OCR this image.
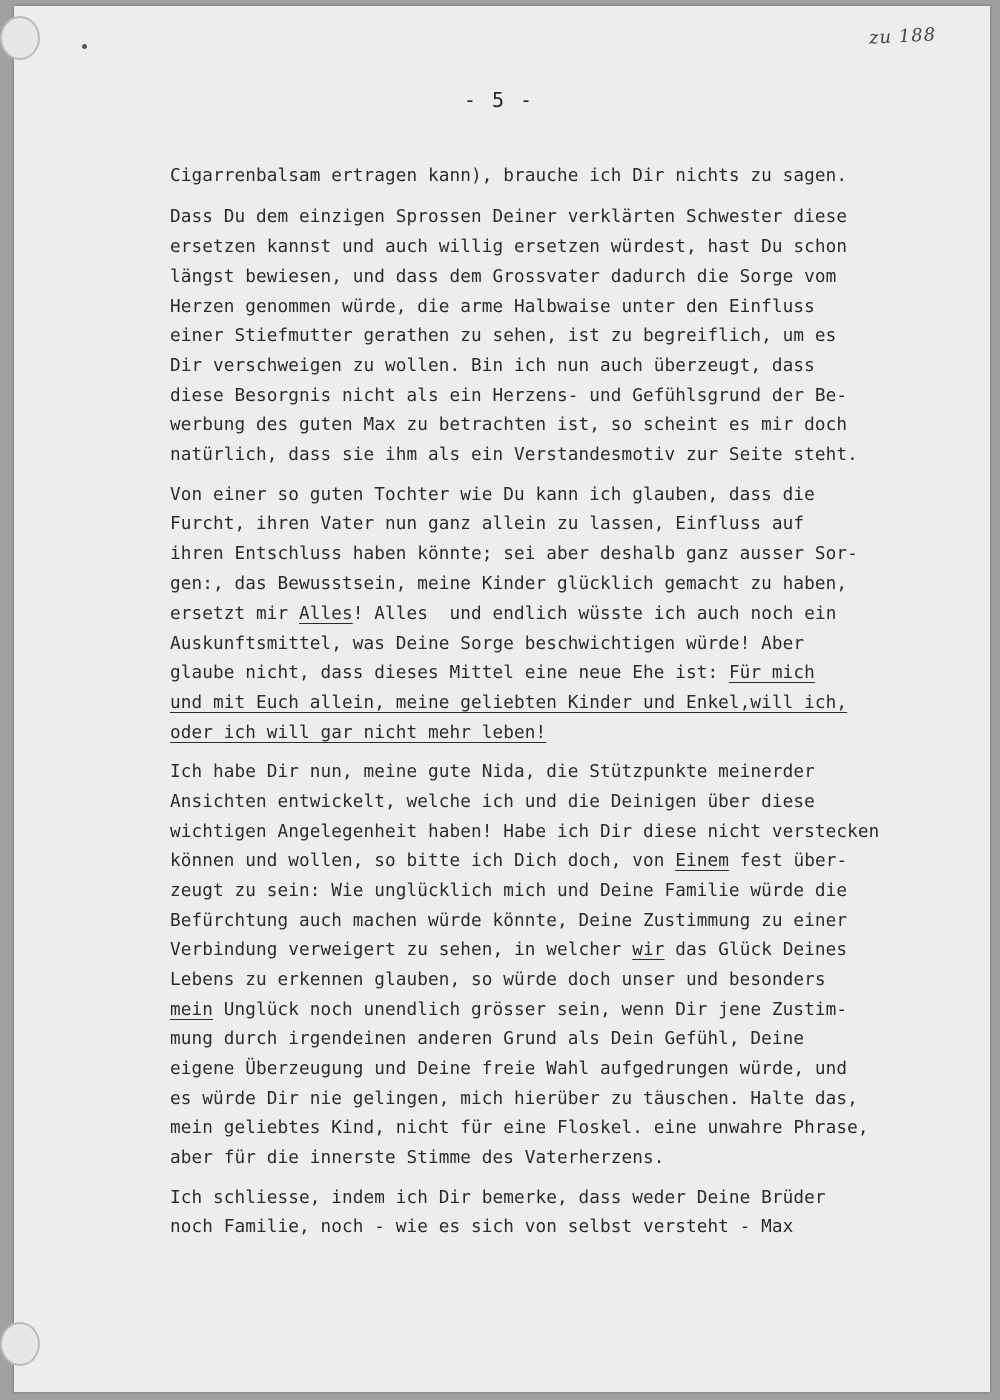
zu 188
- 5 -

Cigarrenbalsam ertragen kann), brauche ich Dir nichts zu sagen.

Dass Du dem einzigen Sprossen Deiner verklärten Schwester diese

ersetzen kannst und auch willig ersetzen würdest, hast Du schon

längst bewiesen, und dass dem Grossvater dadurch die Sorge vom

Herzen genommen würde, die arme Halbwaise unter den Einfluss

einer Stiefmutter gerathen zu sehen, ist zu begreiflich, um es

Dir verschweigen zu wollen. Bin ich nun auch überzeugt, dass

diese Besorgnis nicht als ein Herzens- und Gefühlsgrund der Be-

werbung des guten Max zu betrachten ist, so scheint es mir doch

natürlich, dass sie ihm als ein Verstandesmotiv zur Seite steht.

Von einer so guten Tochter wie Du kann ich glauben, dass die

Furcht, ihren Vater nun ganz allein zu lassen, Einfluss auf

ihren Entschluss haben könnte; sei aber deshalb ganz ausser Sor-

gen:, das Bewusstsein, meine Kinder glücklich gemacht zu haben,

ersetzt mir Alles! Alles  und endlich wüsste ich auch noch ein

Auskunftsmittel, was Deine Sorge beschwichtigen würde! Aber

glaube nicht, dass dieses Mittel eine neue Ehe ist: Für mich

und mit Euch allein, meine geliebten Kinder und Enkel,will ich,

oder ich will gar nicht mehr leben!

Ich habe Dir nun, meine gute Nida, die Stützpunkte meinerder

Ansichten entwickelt, welche ich und die Deinigen über diese

wichtigen Angelegenheit haben! Habe ich Dir diese nicht verstecken

können und wollen, so bitte ich Dich doch, von Einem fest über-

zeugt zu sein: Wie unglücklich mich und Deine Familie würde die

Befürchtung auch machen würde könnte, Deine Zustimmung zu einer

Verbindung verweigert zu sehen, in welcher wir das Glück Deines

Lebens zu erkennen glauben, so würde doch unser und besonders

mein Unglück noch unendlich grösser sein, wenn Dir jene Zustim-

mung durch irgendeinen anderen Grund als Dein Gefühl, Deine

eigene Überzeugung und Deine freie Wahl aufgedrungen würde, und

es würde Dir nie gelingen, mich hierüber zu täuschen. Halte das,

mein geliebtes Kind, nicht für eine Floskel. eine unwahre Phrase,

aber für die innerste Stimme des Vaterherzens.

Ich schliesse, indem ich Dir bemerke, dass weder Deine Brüder

noch Familie, noch - wie es sich von selbst versteht - Max
